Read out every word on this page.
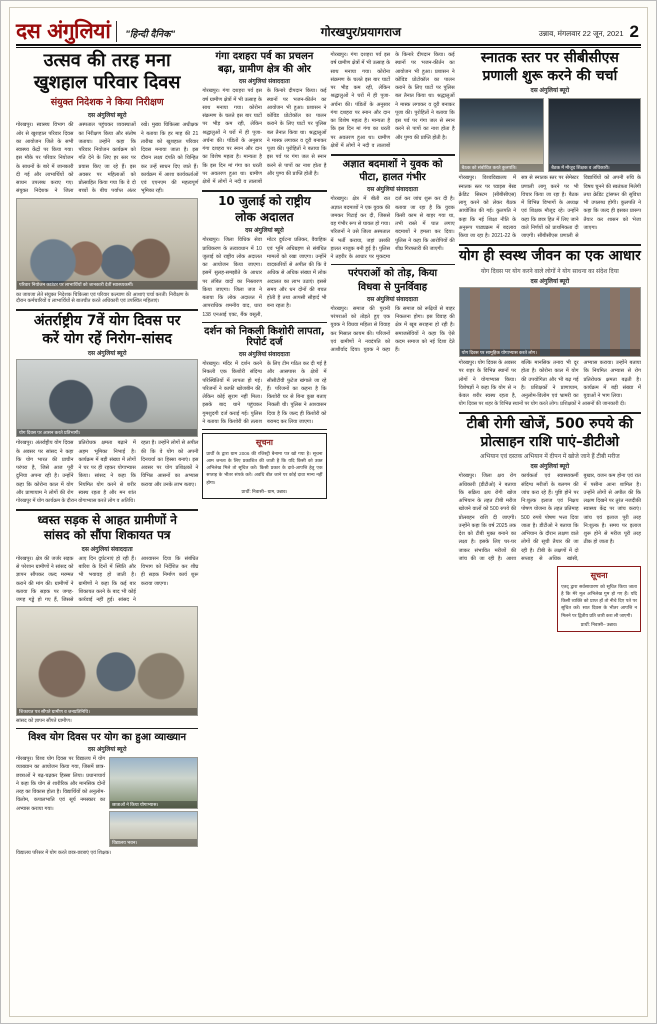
दस अंगुलियां	"हिन्दी दैनिक"	गोरखपुर/प्रयागराज	उन्नाव, मंगलवार 22 जून, 2021 2
उत्सव की तरह मना
खुशहाल परिवार दिवस
संयुक्त निदेशक ने किया निरीक्षण
दस अंगुलियां ब्यूरो
गोरखपुर। स्वास्थ्य विभाग की ओर से खुशहाल परिवार दिवस का आयोजन जिले के सभी स्वास्थ्य केंद्रों पर किया गया। इस मौके पर परिवार नियोजन के साधनों के बारे में जानकारी दी गई और लाभार्थियों को साधन उपलब्ध कराए गए। संयुक्त निदेशक ने जिला अस्पताल पहुंचकर व्यवस्थाओं का निरीक्षण किया और संतोष जताया। उन्होंने कहा कि परिवार नियोजन कार्यक्रम को गति देने के लिए हर स्तर पर प्रयास किए जा रहे हैं। इस अवसर पर महिलाओं को प्रोत्साहित किया गया कि वे दो बच्चों के बीच पर्याप्त अंतर रखें। मुख्य चिकित्सा अधीक्षक ने बताया कि हर माह की 21 तारीख को खुशहाल परिवार दिवस मनाया जाता है। इस दौरान लक्ष्य दंपति को चिन्हित कर उन्हें साधन दिए जाते हैं। कार्यक्रम में आशा कार्यकर्ताओं एवं एएनएम की महत्वपूर्ण भूमिका रही।
परिवार नियोजन काउंटर पर लाभार्थियों को जानकारी देतीं स्वास्थ्यकर्मी।
का जायजा लेते संयुक्त निदेशक चिकित्सा एवं परिवार कल्याण की आशाएं चर्चा करतीं। निरीक्षण के दौरान कर्मचारियों व लाभार्थियों से बातचीत करते अधिकारी एवं उपस्थित महिलाएं।
अंतर्राष्ट्रीय 7वें योग दिवस पर
करें योग रहें निरोग–सांसद
दस अंगुलियां ब्यूरो
योग दिवस पर आसन करते प्रतिभागी।
गोरखपुर। अंतर्राष्ट्रीय योग दिवस के अवसर पर सांसद ने कहा कि योग भारत की प्राचीन परंपरा है, जिसे आज पूरी दुनिया अपना रही है। उन्होंने कहा कि कोरोना काल में योग और प्राणायाम ने लोगों की रोग प्रतिरोधक क्षमता बढ़ाने में अहम भूमिका निभाई है। कार्यक्रम में बड़ी संख्या में लोगों ने घर पर ही रहकर योगाभ्यास किया। सांसद ने कहा कि नियमित योग करने से शरीर स्वस्थ रहता है और मन शांत रहता है। उन्होंने लोगों से अपील की कि वे योग को अपनी दिनचर्या का हिस्सा बनाएं। इस अवसर पर योग प्रशिक्षकों ने विभिन्न आसनों का अभ्यास कराया और उनके लाभ बताए।
गोरखपुर में योग कार्यक्रम के दौरान योगाभ्यास करते लोग व अतिथि।
ध्वस्त सड़क से आहत ग्रामीणों ने
सांसद को सौंपा शिकायत पत्र
दस अंगुलियां संवाददाता
गोरखपुर। क्षेत्र की जर्जर सड़क से परेशान ग्रामीणों ने सांसद को ज्ञापन सौंपकर जल्द मरम्मत कराने की मांग की। ग्रामीणों ने बताया कि सड़क पर जगह-जगह गड्ढे हो गए हैं, जिससे आए दिन दुर्घटनाएं हो रही हैं। बारिश के दिनों में स्थिति और भी भयावह हो जाती है। ग्रामीणों ने कहा कि कई बार शिकायत करने के बाद भी कोई कार्रवाई नहीं हुई। सांसद ने आश्वासन दिया कि संबंधित विभाग को निर्देशित कर शीघ्र ही सड़क निर्माण कार्य शुरू कराया जाएगा।
शिकायत पत्र सौंपते ग्रामीण व जनप्रतिनिधि।
सांसद को ज्ञापन सौंपते ग्रामीण।
विश्व योग दिवस पर योग का हुआ व्याख्यान
दस अंगुलियां ब्यूरो
गोरखपुर। विश्व योग दिवस पर विद्यालय में योग व्याख्यान का आयोजन किया गया, जिसमें छात्र-छात्राओं ने बढ़-चढ़कर हिस्सा लिया। प्रधानाचार्य ने कहा कि योग से शारीरिक और मानसिक दोनों तरह का विकास होता है। विद्यार्थियों को अनुलोम-विलोम, कपालभाति एवं सूर्य नमस्कार का अभ्यास कराया गया।
छात्राओं ने किया योगाभ्यास।
विद्यालय भवन।
विद्यालय परिसर में योग करते छात्र-छात्राएं एवं शिक्षक।
गंगा दशहरा पर्व का प्रचलन
बढ़ा, ग्रामीण क्षेत्र की ओर
दस अंगुलियां संवाददाता
गोरखपुर। गंगा दशहरा पर्व इस वर्ष ग्रामीण क्षेत्रों में भी उत्साह के साथ मनाया गया। कोरोना संक्रमण के चलते इस बार घाटों पर भीड़ कम रही, लेकिन श्रद्धालुओं ने घरों में ही पूजा-अर्चना की। पंडितों के अनुसार गंगा दशहरा पर स्नान और दान का विशेष महत्व है। मान्यता है कि इस दिन मां गंगा का धरती पर अवतरण हुआ था। ग्रामीण क्षेत्रों में लोगों ने नदी व तालाबों के किनारे दीपदान किया। कई स्थानों पर भजन-कीर्तन का आयोजन भी हुआ। प्रशासन ने कोविड प्रोटोकॉल का पालन कराने के लिए घाटों पर पुलिस बल तैनात किया था। श्रद्धालुओं ने मास्क लगाकर व दूरी बनाकर पूजा की। पुरोहितों ने बताया कि इस पर्व पर गंगा जल से स्नान करने से पापों का नाश होता है और पुण्य की प्राप्ति होती है।
10 जुलाई को राष्ट्रीय
लोक अदालत
दस अंगुलियां ब्यूरो
गोरखपुर। जिला विधिक सेवा प्राधिकरण के तत्वावधान में 10 जुलाई को राष्ट्रीय लोक अदालत का आयोजन किया जाएगा। इसमें सुलह-समझौते के आधार पर लंबित वादों का निस्तारण किया जाएगा। जिला जज ने बताया कि लोक अदालत में आपराधिक शमनीय वाद, धारा 138 एनआई एक्ट, बैंक वसूली, मोटर दुर्घटना प्रतिकर, वैवाहिक एवं भूमि अधिग्रहण से संबंधित मामलों को रखा जाएगा। उन्होंने वादकारियों से अपील की कि वे अधिक से अधिक संख्या में लोक अदालत का लाभ उठाएं। इससे समय और धन दोनों की बचत होती है तथा आपसी सौहार्द भी बना रहता है।
दर्शन को निकली किशोरी लापता, रिपोर्ट दर्ज
दस अंगुलियां संवाददाता
गोरखपुर। मंदिर में दर्शन करने निकली एक किशोरी संदिग्ध परिस्थितियों में लापता हो गई। परिजनों ने काफी खोजबीन की, लेकिन कोई सुराग नहीं मिला। इसके बाद थाने पहुंचकर गुमशुदगी दर्ज कराई गई। पुलिस ने बताया कि किशोरी की तलाश के लिए टीम गठित कर दी गई है और आसपास के क्षेत्रों में सीसीटीवी फुटेज खंगाले जा रहे हैं। परिजनों का कहना है कि किशोरी घर से बिना कुछ बताए निकली थी। पुलिस ने आश्वासन दिया है कि जल्द ही किशोरी को बरामद कर लिया जाएगा।
सूचना
प्रार्थी के द्वारा ग्राम 2006 की रजिस्ट्री बैनामा पत्र खो गया है। सूचना आम जनता के लिए प्रकाशित की जाती है कि यदि किसी को उक्त अभिलेख मिले तो सूचित करें। किसी प्रकार के दावे-आपत्ति हेतु एक सप्ताह के भीतर संपर्क करें। अवधि बीत जाने पर कोई दावा मान्य नहीं होगा।
प्रार्थी: निवासी– ग्राम, उन्नाव।
गोरखपुर। गंगा दशहरा पर्व इस वर्ष ग्रामीण क्षेत्रों में भी उत्साह के साथ मनाया गया। कोरोना संक्रमण के चलते इस बार घाटों पर भीड़ कम रही, लेकिन श्रद्धालुओं ने घरों में ही पूजा-अर्चना की। पंडितों के अनुसार गंगा दशहरा पर स्नान और दान का विशेष महत्व है। मान्यता है कि इस दिन मां गंगा का धरती पर अवतरण हुआ था। ग्रामीण क्षेत्रों में लोगों ने नदी व तालाबों के किनारे दीपदान किया। कई स्थानों पर भजन-कीर्तन का आयोजन भी हुआ। प्रशासन ने कोविड प्रोटोकॉल का पालन कराने के लिए घाटों पर पुलिस बल तैनात किया था। श्रद्धालुओं ने मास्क लगाकर व दूरी बनाकर पूजा की। पुरोहितों ने बताया कि इस पर्व पर गंगा जल से स्नान करने से पापों का नाश होता है और पुण्य की प्राप्ति होती है।
अज्ञात बदमाशों ने युवक को
पीटा, हालत गंभीर
दस अंगुलियां संवाददाता
गोरखपुर। क्षेत्र में बीती रात अज्ञात बदमाशों ने एक युवक की जमकर पिटाई कर दी, जिससे वह गंभीर रूप से घायल हो गया। परिजनों ने उसे जिला अस्पताल में भर्ती कराया, जहां उसकी हालत नाजुक बनी हुई है। पुलिस ने तहरीर के आधार पर मुकदमा दर्ज कर जांच शुरू कर दी है। बताया जा रहा है कि युवक किसी काम से बाहर गया था, तभी रास्ते में घात लगाए बदमाशों ने हमला कर दिया। पुलिस ने कहा कि आरोपियों की शीघ्र गिरफ्तारी की जाएगी।
परंपराओं को तोड़, किया
विधवा से पुनर्विवाह
दस अंगुलियां संवाददाता
गोरखपुर। समाज की पुरानी परंपराओं को तोड़ते हुए एक युवक ने विधवा महिला से विवाह कर मिसाल कायम की। परिजनों एवं ग्रामीणों ने नवदंपति को आशीर्वाद दिया। युवक ने कहा कि समाज को रूढ़ियों से बाहर निकलना होगा। इस विवाह की क्षेत्र में खूब सराहना हो रही है। समाजसेवियों ने कहा कि ऐसे कदम समाज को नई दिशा देते हैं।
स्नातक स्तर पर सीबीसीएस
प्रणाली शुरू करने की चर्चा
दस अंगुलियां ब्यूरो
बैठक को संबोधित करते कुलपति।	बैठक में मौजूद शिक्षक व अधिकारी।
गोरखपुर। विश्वविद्यालय में स्नातक स्तर पर च्वाइस बेस्ड क्रेडिट सिस्टम (सीबीसीएस) लागू करने को लेकर बैठक आयोजित की गई। कुलपति ने कहा कि नई शिक्षा नीति के अनुरूप पाठ्यक्रम में बदलाव किया जा रहा है। 2021-22 के सत्र से स्नातक स्तर पर सेमेस्टर प्रणाली लागू करने पर भी विचार किया जा रहा है। बैठक में विभिन्न विभागों के अध्यक्ष एवं शिक्षक मौजूद रहे। उन्होंने कहा कि छात्र हित में लिए जाने वाले निर्णयों को प्राथमिकता दी जाएगी। सीबीसीएस प्रणाली से विद्यार्थियों को अपनी रुचि के विषय चुनने की स्वतंत्रता मिलेगी तथा क्रेडिट ट्रांसफर की सुविधा भी उपलब्ध होगी। कुलपति ने कहा कि जल्द ही इसका प्रारूप तैयार कर शासन को भेजा जाएगा।
योग ही स्वस्थ जीवन का एक आधार
योग दिवस पर योग करने वाले लोगों ने योग साधना का संदेश दिया
दस अंगुलियां ब्यूरो
योग दिवस पर सामूहिक योगाभ्यास करते लोग।
गोरखपुर। योग दिवस के अवसर पर शहर के विभिन्न स्थानों पर लोगों ने योगाभ्यास किया। विशेषज्ञों ने कहा कि योग से न केवल शरीर स्वस्थ रहता है, बल्कि मानसिक तनाव भी दूर होता है। कोरोना काल में योग की उपयोगिता और भी बढ़ गई है। प्रशिक्षकों ने प्राणायाम, अनुलोम-विलोम एवं भ्रामरी का अभ्यास कराया। उन्होंने बताया कि नियमित अभ्यास से रोग प्रतिरोधक क्षमता बढ़ती है। कार्यक्रम में बड़ी संख्या में युवाओं ने भाग लिया।
योग दिवस पर शहर के विभिन्न स्थानों पर योग करते लोग। प्रशिक्षकों ने आसनों की जानकारी दी।
टीबी रोगी खोजें, 500 रुपये की
प्रोत्साहन राशि पाएं–डीटीओ
अभियान एवं दस्तक अभियान में दीपन में खोजे जाने हैं टीबी मरीज
दस अंगुलियां ब्यूरो
गोरखपुर। जिला क्षय रोग अधिकारी (डीटीओ) ने बताया कि सक्रिय क्षय रोगी खोज अभियान के तहत टीबी मरीज खोजने वालों को 500 रुपये की प्रोत्साहन राशि दी जाएगी। उन्होंने कहा कि वर्ष 2025 तक देश को टीबी मुक्त बनाने का लक्ष्य है। इसके लिए घर-घर जाकर संभावित मरीजों की जांच की जा रही है। आशा कार्यकर्ता एवं स्वास्थ्यकर्मी संदिग्ध मरीजों के बलगम की जांच करा रहे हैं। पुष्टि होने पर नि:शुल्क इलाज एवं निक्षय पोषण योजना के तहत प्रतिमाह 500 रुपये पोषण भत्ता दिया जाता है। डीटीओ ने बताया कि अभियान के दौरान लक्षण वाले लोगों की सूची तैयार की जा रही है। टीबी के लक्षणों में दो सप्ताह से अधिक खांसी, बुखार, वजन कम होना एवं रात में पसीना आना शामिल है। उन्होंने लोगों से अपील की कि लक्षण दिखने पर तुरंत नजदीकी स्वास्थ्य केंद्र पर जांच कराएं। जांच एवं इलाज पूरी तरह नि:शुल्क है। समय पर इलाज शुरू होने से मरीज पूरी तरह ठीक हो जाता है।
सूचना
एतद् द्वारा सर्वसाधारण को सूचित किया जाता है कि मेरे मूल अभिलेख गुम हो गए हैं। यदि किसी व्यक्ति को प्राप्त हों तो नीचे दिए पते पर सूचित करें। सात दिवस के भीतर आपत्ति न मिलने पर द्वितीय प्रति जारी करा ली जाएगी।
प्रार्थी: निवासी– उन्नाव।
